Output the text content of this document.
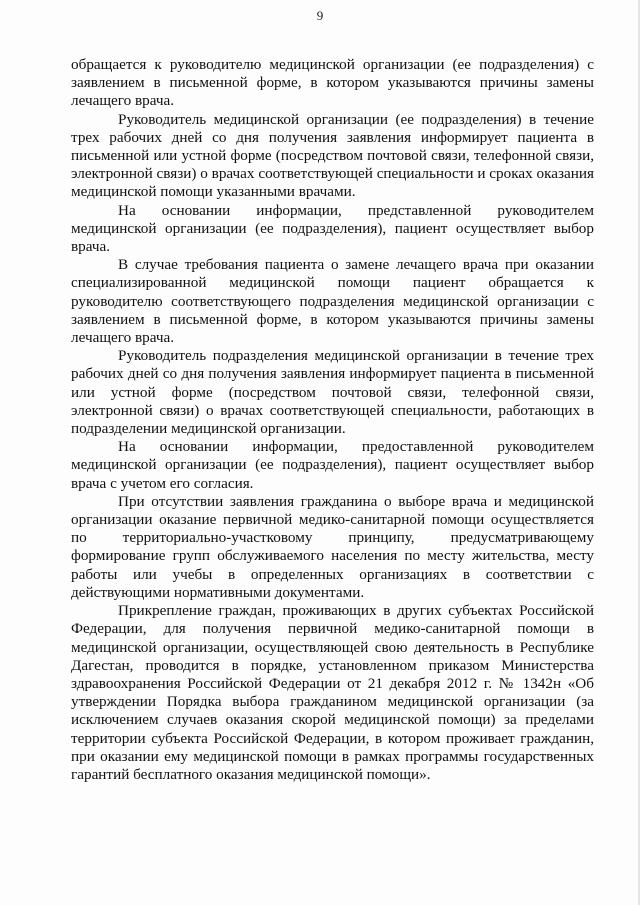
9

обращается к руководителю медицинской организации (ее подразделения) с заявлением в письменной форме, в котором указываются причины замены лечащего врача.

Руководитель медицинской организации (ее подразделения) в течение трех рабочих дней со дня получения заявления информирует пациента в письменной или устной форме (посредством почтовой связи, телефонной связи, электронной связи) о врачах соответствующей специальности и сроках оказания медицинской помощи указанными врачами.

На основании информации, представленной руководителем медицинской организации (ее подразделения), пациент осуществляет выбор врача.

В случае требования пациента о замене лечащего врача при оказании специализированной медицинской помощи пациент обращается к руководителю соответствующего подразделения медицинской организации с заявлением в письменной форме, в котором указываются причины замены лечащего врача.

Руководитель подразделения медицинской организации в течение трех рабочих дней со дня получения заявления информирует пациента в письменной или устной форме (посредством почтовой связи, телефонной связи, электронной связи) о врачах соответствующей специальности, работающих в подразделении медицинской организации.

На основании информации, предоставленной руководителем медицинской организации (ее подразделения), пациент осуществляет выбор врача с учетом его согласия.

При отсутствии заявления гражданина о выборе врача и медицинской организации оказание первичной медико-санитарной помощи осуществляется по территориально-участковому принципу, предусматривающему формирование групп обслуживаемого населения по месту жительства, месту работы или учебы в определенных организациях в соответствии с действующими нормативными документами.

Прикрепление граждан, проживающих в других субъектах Российской Федерации, для получения первичной медико-санитарной помощи в медицинской организации, осуществляющей свою деятельность в Республике Дагестан, проводится в порядке, установленном приказом Министерства здравоохранения Российской Федерации от 21 декабря 2012 г. № 1342н «Об утверждении Порядка выбора гражданином медицинской организации (за исключением случаев оказания скорой медицинской помощи) за пределами территории субъекта Российской Федерации, в котором проживает гражданин, при оказании ему медицинской помощи в рамках программы государственных гарантий бесплатного оказания медицинской помощи».
